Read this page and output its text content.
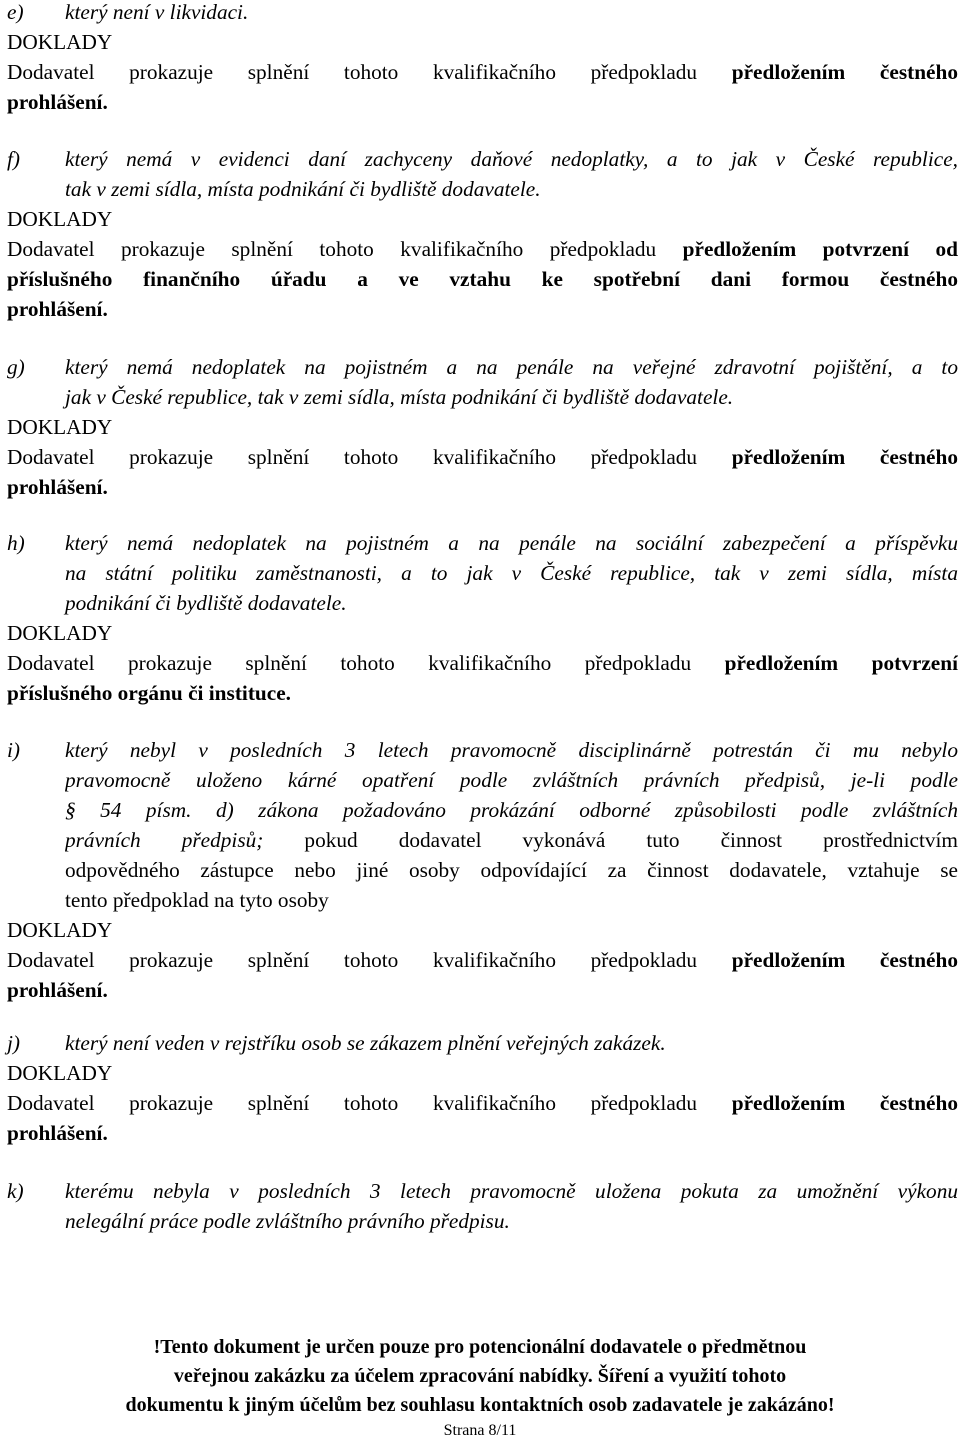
e) který není v likvidaci.
DOKLADY
Dodavatel prokazuje splnění tohoto kvalifikačního předpokladu předložením čestného
prohlášení.
f) který nemá v evidenci daní zachyceny daňové nedoplatky, a to jak v České republice,
tak v zemi sídla, místa podnikání či bydliště dodavatele.
DOKLADY
Dodavatel prokazuje splnění tohoto kvalifikačního předpokladu předložením potvrzení od
příslušného finančního úřadu a ve vztahu ke spotřební dani formou čestného
prohlášení.
g) který nemá nedoplatek na pojistném a na penále na veřejné zdravotní pojištění, a to
jak v České republice, tak v zemi sídla, místa podnikání či bydliště dodavatele.
DOKLADY
Dodavatel prokazuje splnění tohoto kvalifikačního předpokladu předložením čestného
prohlášení.
h) který nemá nedoplatek na pojistném a na penále na sociální zabezpečení a příspěvku
na státní politiku zaměstnanosti, a to jak v České republice, tak v zemi sídla, místa
podnikání či bydliště dodavatele.
DOKLADY
Dodavatel prokazuje splnění tohoto kvalifikačního předpokladu předložením potvrzení
příslušného orgánu či instituce.
i) který nebyl v posledních 3 letech pravomocně disciplinárně potrestán či mu nebylo
pravomocně uloženo kárné opatření podle zvláštních právních předpisů, je-li podle
§ 54 písm. d) zákona požadováno prokázání odborné způsobilosti podle zvláštních
právních předpisů; pokud dodavatel vykonává tuto činnost prostřednictvím
odpovědného zástupce nebo jiné osoby odpovídající za činnost dodavatele, vztahuje se
tento předpoklad na tyto osoby
DOKLADY
Dodavatel prokazuje splnění tohoto kvalifikačního předpokladu předložením čestného
prohlášení.
j) který není veden v rejstříku osob se zákazem plnění veřejných zakázek.
DOKLADY
Dodavatel prokazuje splnění tohoto kvalifikačního předpokladu předložením čestného
prohlášení.
k) kterému nebyla v posledních 3 letech pravomocně uložena pokuta za umožnění výkonu
nelegální práce podle zvláštního právního předpisu.
!Tento dokument je určen pouze pro potencionální dodavatele o předmětnou
veřejnou zakázku za účelem zpracování nabídky. Šíření a využití tohoto
dokumentu k jiným účelům bez souhlasu kontaktních osob zadavatele je zakázáno!
Strana 8/11
